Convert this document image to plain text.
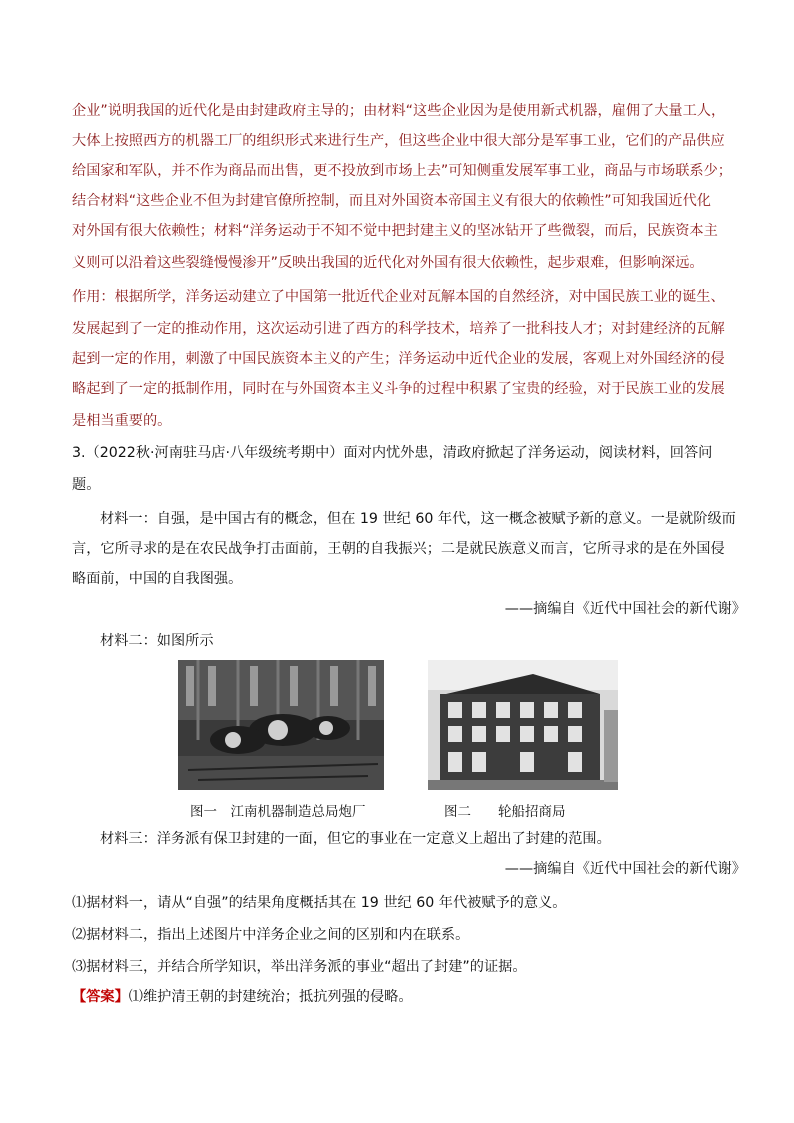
企业”说明我国的近代化是由封建政府主导的；由材料“这些企业因为是使用新式机器，雇佣了大量工人，
大体上按照西方的机器工厂的组织形式来进行生产，但这些企业中很大部分是军事工业，它们的产品供应
给国家和军队，并不作为商品而出售，更不投放到市场上去”可知侧重发展军事工业，商品与市场联系少；
结合材料“这些企业不但为封建官僚所控制，而且对外国资本帝国主义有很大的依赖性”可知我国近代化
对外国有很大依赖性；材料“洋务运动于不知不觉中把封建主义的坚冰钻开了些微裂，而后，民族资本主
义则可以沿着这些裂缝慢慢渗开”反映出我国的近代化对外国有很大依赖性，起步艰难，但影响深远。
作用：根据所学，洋务运动建立了中国第一批近代企业对瓦解本国的自然经济，对中国民族工业的诞生、
发展起到了一定的推动作用，这次运动引进了西方的科学技术，培养了一批科技人才；对封建经济的瓦解
起到一定的作用，刺激了中国民族资本主义的产生；洋务运动中近代企业的发展，客观上对外国经济的侵
略起到了一定的抵制作用，同时在与外国资本主义斗争的过程中积累了宝贵的经验，对于民族工业的发展
是相当重要的。
3.（2022秋·河南驻马店·八年级统考期中）面对内忧外患，清政府掀起了洋务运动，阅读材料，回答问
题。
材料一：自强，是中国古有的概念，但在 19 世纪 60 年代，这一概念被赋予新的意义。一是就阶级而
言，它所寻求的是在农民战争打击面前，王朝的自我振兴；二是就民族意义而言，它所寻求的是在外国侵
略面前，中国的自我图强。
——摘编自《近代中国社会的新代谢》
材料二：如图所示
图一　江南机器制造总局炮厂	图二　　轮船招商局
材料三：洋务派有保卫封建的一面，但它的事业在一定意义上超出了封建的范围。
——摘编自《近代中国社会的新代谢》
⑴据材料一，请从“自强”的结果角度概括其在 19 世纪 60 年代被赋予的意义。
⑵据材料二，指出上述图片中洋务企业之间的区别和内在联系。
⑶据材料三，并结合所学知识，举出洋务派的事业“超出了封建”的证据。
【答案】⑴维护清王朝的封建统治；抵抗列强的侵略。
